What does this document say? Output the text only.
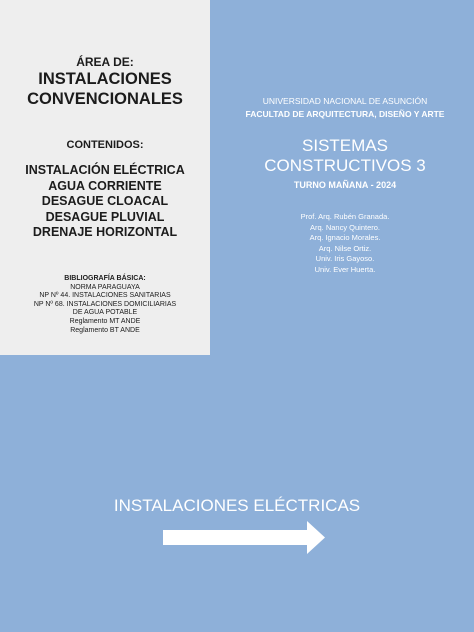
ÁREA DE:
INSTALACIONES
CONVENCIONALES
CONTENIDOS:
INSTALACIÓN ELÉCTRICA
AGUA CORRIENTE
DESAGUE CLOACAL
DESAGUE PLUVIAL
DRENAJE HORIZONTAL
BIBLIOGRAFÍA BÁSICA:
NORMA PARAGUAYA
NP Nº 44. INSTALACIONES SANITARIAS
NP Nº 68. INSTALACIONES DOMICILIARIAS
DE AGUA POTABLE
Reglamento MT ANDE
Reglamento BT ANDE
UNIVERSIDAD NACIONAL DE ASUNCIÓN
FACULTAD DE ARQUITECTURA, DISEÑO Y ARTE
SISTEMAS
CONSTRUCTIVOS 3
TURNO MAÑANA - 2024
Prof. Arq. Rubén Granada.
Arq. Nancy Quintero.
Arq. Ignacio Morales.
Arq. Nilse Ortiz.
Univ. Iris Gayoso.
Univ. Ever Huerta.
INSTALACIONES ELÉCTRICAS
